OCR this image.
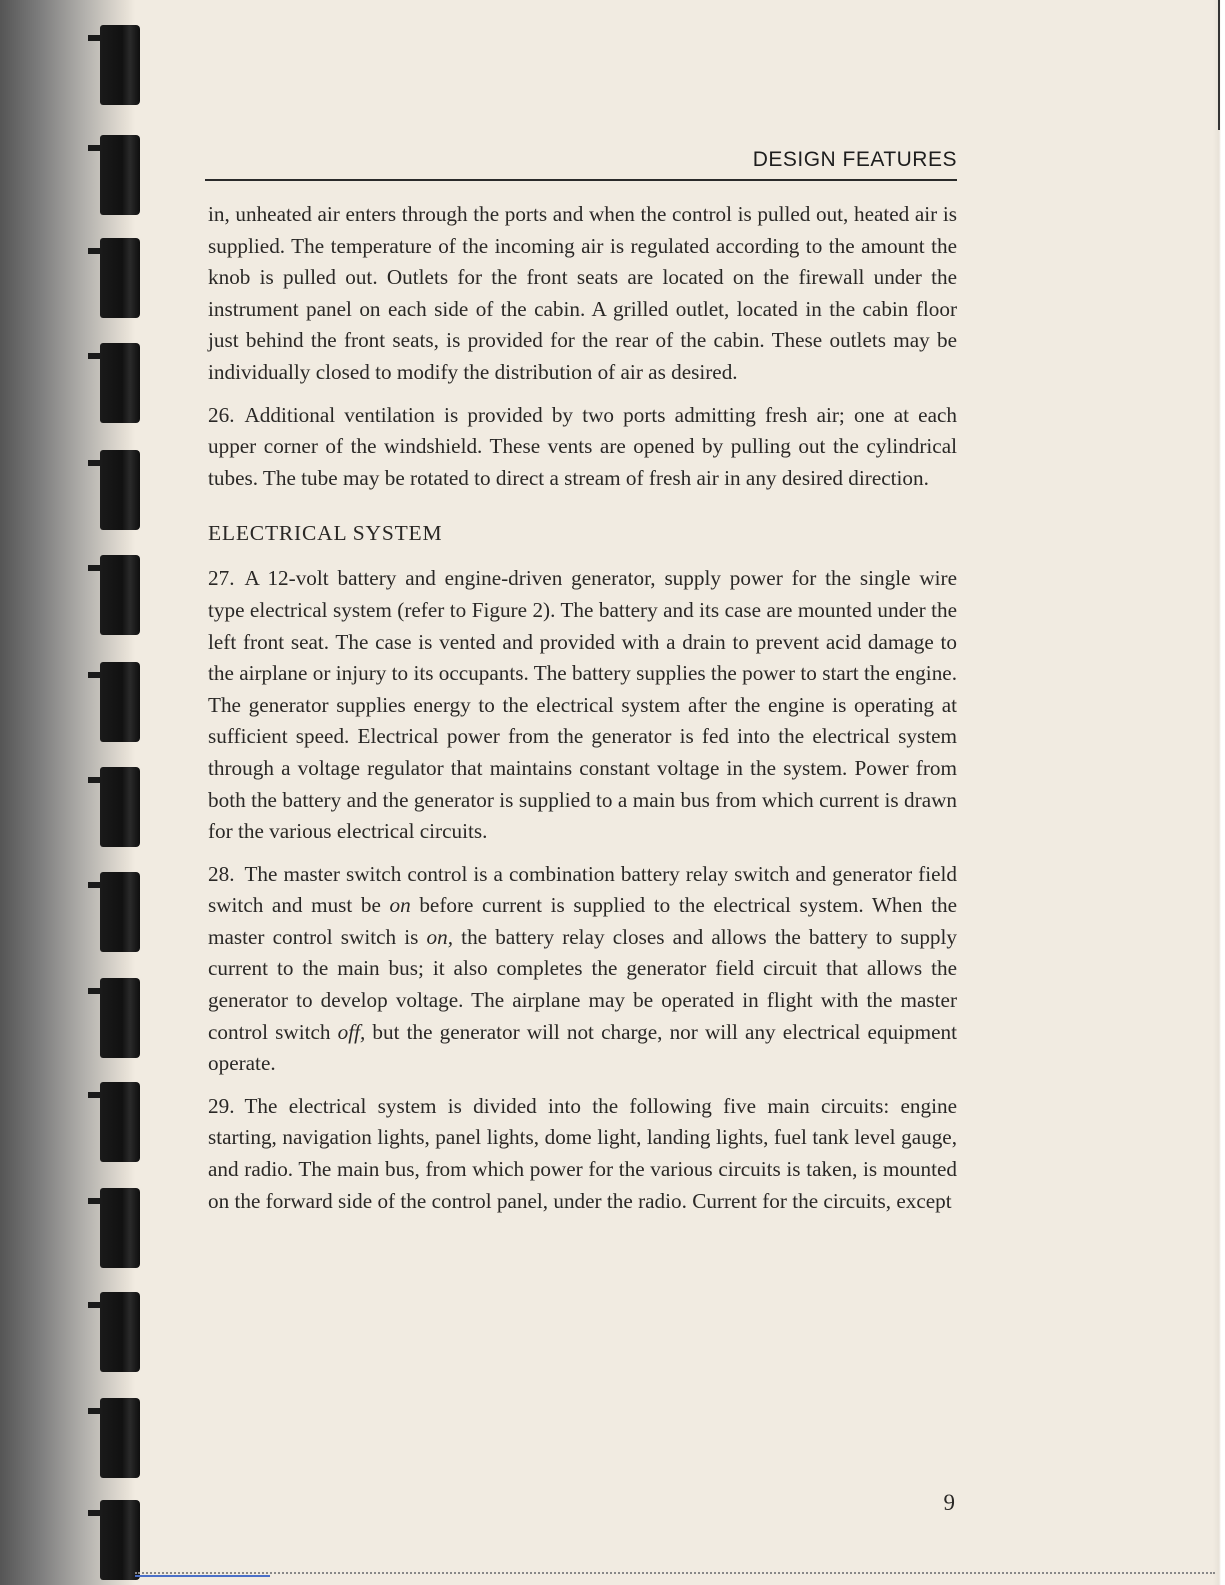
DESIGN FEATURES

in, unheated air enters through the ports and when the control is pulled out, heated air is supplied. The temperature of the incoming air is regulated according to the amount the knob is pulled out. Outlets for the front seats are located on the firewall under the instrument panel on each side of the cabin. A grilled outlet, located in the cabin floor just behind the front seats, is provided for the rear of the cabin. These outlets may be individually closed to modify the distribution of air as desired.

26. Additional ventilation is provided by two ports admitting fresh air; one at each upper corner of the windshield. These vents are opened by pulling out the cylindrical tubes. The tube may be rotated to direct a stream of fresh air in any desired direction.

ELECTRICAL SYSTEM

27. A 12-volt battery and engine-driven generator, supply power for the single wire type electrical system (refer to Figure 2). The battery and its case are mounted under the left front seat. The case is vented and provided with a drain to prevent acid damage to the airplane or injury to its occupants. The battery supplies the power to start the engine. The generator supplies energy to the electrical system after the engine is operating at sufficient speed. Electrical power from the generator is fed into the electrical system through a voltage regulator that maintains constant voltage in the system. Power from both the battery and the generator is supplied to a main bus from which current is drawn for the various electrical circuits.

28. The master switch control is a combination battery relay switch and generator field switch and must be on before current is supplied to the electrical system. When the master control switch is on, the battery relay closes and allows the battery to supply current to the main bus; it also completes the generator field circuit that allows the generator to develop voltage. The airplane may be operated in flight with the master control switch off, but the generator will not charge, nor will any electrical equipment operate.

29. The electrical system is divided into the following five main circuits: engine starting, navigation lights, panel lights, dome light, landing lights, fuel tank level gauge, and radio. The main bus, from which power for the various circuits is taken, is mounted on the forward side of the control panel, under the radio. Current for the circuits, except

9
